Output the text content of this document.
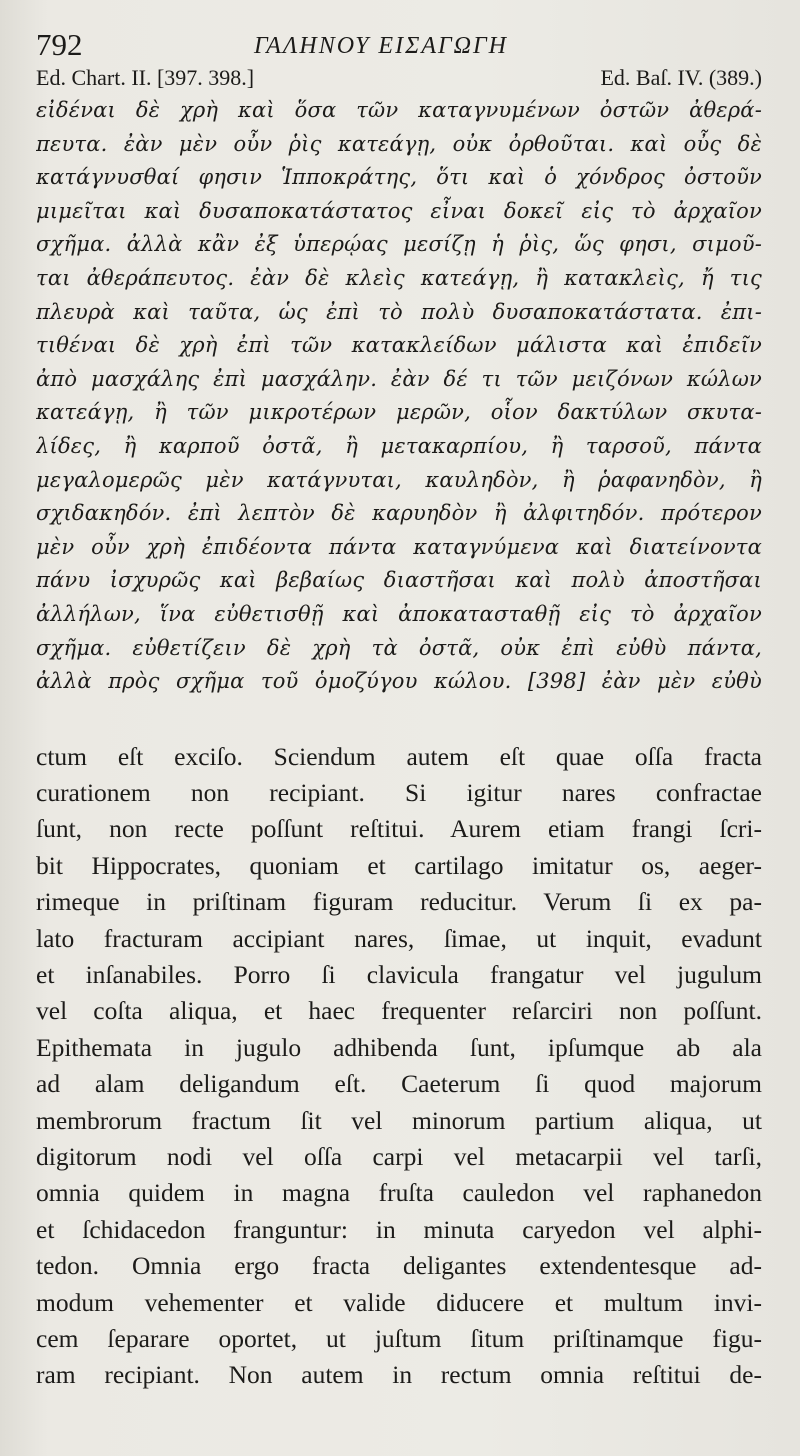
792	ΓΑΛΗΝΟΥ ΕΙΣΑΓΩΓΗ
Ed. Chart. II. [397. 398.]	Ed. Baſ. IV. (389.)
εἰδέναι δὲ χρὴ καὶ ὅσα τῶν καταγνυμένων ὀστῶν ἀθερά-
πευτα. ἐὰν μὲν οὖν ῥὶς κατεάγῃ, οὐκ ὀρθοῦται. καὶ οὖς δὲ
κατάγνυσθαί φησιν Ἱπποκράτης, ὅτι καὶ ὁ χόνδρος ὀστοῦν
μιμεῖται καὶ δυσαποκατάστατος εἶναι δοκεῖ εἰς τὸ ἀρχαῖον
σχῆμα. ἀλλὰ κἂν ἐξ ὑπερῴας μεσίζῃ ἡ ῥὶς, ὥς φησι, σιμοῦ-
ται ἀθεράπευτος. ἐὰν δὲ κλεὶς κατεάγῃ, ἢ κατακλεὶς, ἤ τις
πλευρὰ καὶ ταῦτα, ὡς ἐπὶ τὸ πολὺ δυσαποκατάστατα. ἐπι-
τιθέναι δὲ χρὴ ἐπὶ τῶν κατακλείδων μάλιστα καὶ ἐπιδεῖν
ἀπὸ μασχάλης ἐπὶ μασχάλην. ἐὰν δέ τι τῶν μειζόνων κώλων
κατεάγῃ, ἢ τῶν μικροτέρων μερῶν, οἷον δακτύλων σκυτα-
λίδες, ἢ καρποῦ ὀστᾶ, ἢ μετακαρπίου, ἢ ταρσοῦ, πάντα
μεγαλομερῶς μὲν κατάγνυται, καυληδὸν, ἢ ῥαφανηδὸν, ἢ
σχιδακηδόν. ἐπὶ λεπτὸν δὲ καρυηδὸν ἢ ἀλφιτηδόν. πρότερον
μὲν οὖν χρὴ ἐπιδέοντα πάντα καταγνύμενα καὶ διατείνοντα
πάνυ ἰσχυρῶς καὶ βεβαίως διαστῆσαι καὶ πολὺ ἀποστῆσαι
ἀλλήλων, ἵνα εὐθετισθῇ καὶ ἀποκατασταθῇ εἰς τὸ ἀρχαῖον
σχῆμα. εὐθετίζειν δὲ χρὴ τὰ ὀστᾶ, οὐκ ἐπὶ εὐθὺ πάντα,
ἀλλὰ πρὸς σχῆμα τοῦ ὁμοζύγου κώλου. [398] ἐὰν μὲν εὐθὺ
ctum eſt exciſo. Sciendum autem eſt quae oſſa fracta
curationem non recipiant. Si igitur nares confractae
ſunt, non recte poſſunt reſtitui. Aurem etiam frangi ſcri-
bit Hippocrates, quoniam et cartilago imitatur os, aeger-
rimeque in priſtinam figuram reducitur. Verum ſi ex pa-
lato fracturam accipiant nares, ſimae, ut inquit, evadunt
et inſanabiles. Porro ſi clavicula frangatur vel jugulum
vel coſta aliqua, et haec frequenter reſarciri non poſſunt.
Epithemata in jugulo adhibenda ſunt, ipſumque ab ala
ad alam deligandum eſt. Caeterum ſi quod majorum
membrorum fractum ſit vel minorum partium aliqua, ut
digitorum nodi vel oſſa carpi vel metacarpii vel tarſi,
omnia quidem in magna fruſta cauledon vel raphanedon
et ſchidacedon franguntur: in minuta caryedon vel alphi-
tedon. Omnia ergo fracta deligantes extendentesque ad-
modum vehementer et valide diducere et multum invi-
cem ſeparare oportet, ut juſtum ſitum priſtinamque figu-
ram recipiant. Non autem in rectum omnia reſtitui de-
